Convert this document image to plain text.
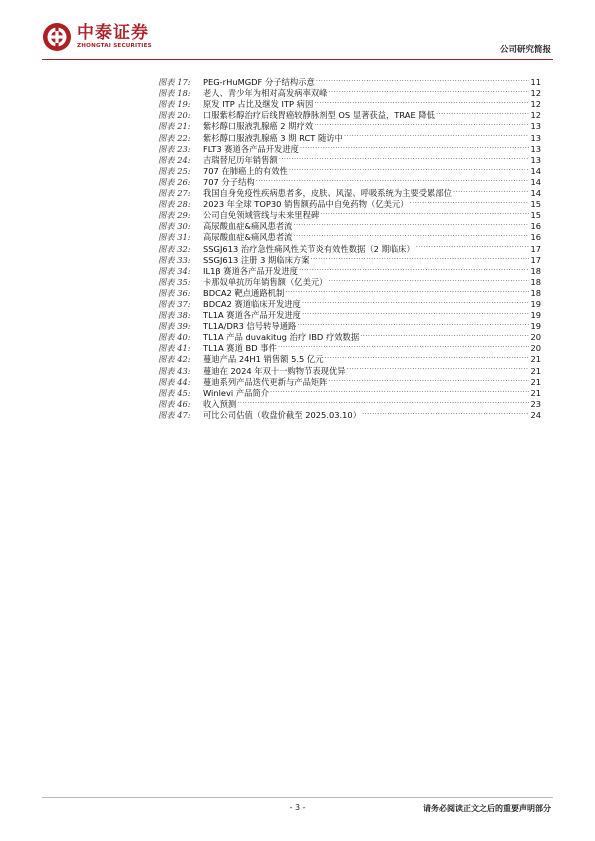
中泰证券
ZHONGTAI SECURITIES	公司研究简报
图表 17:	PEG-rHuMGDF 分子结构示意 .....	11
图表 18:	老人、青少年为相对高发病率双峰 .....	12
图表 19:	原发 ITP 占比及继发 ITP 病因 .....	12
图表 20:	口服紫杉醇治疗后线胃癌较静脉剂型 OS 显著获益，TRAE 降低 .....	12
图表 21:	紫杉醇口服液乳腺癌 2 期疗效 .....	13
图表 22:	紫杉醇口服液乳腺癌 3 期 RCT 随访中 .....	13
图表 23:	FLT3 赛道各产品开发进度 .....	13
图表 24:	吉瑞替尼历年销售额 .....	13
图表 25:	707 在肺癌上的有效性 .....	14
图表 26:	707 分子结构 .....	14
图表 27:	我国自身免疫性疾病患者多，皮肤、风湿、呼吸系统为主要受累部位 .....	14
图表 28:	2023 年全球 TOP30 销售额药品中自免药物（亿美元） .....	15
图表 29:	公司自免领域管线与未来里程碑 .....	15
图表 30:	高尿酸血症&痛风患者流 .....	16
图表 31:	高尿酸血症&痛风患者流 .....	16
图表 32:	SSGJ613 治疗急性痛风性关节炎有效性数据（2 期临床） .....	17
图表 33:	SSGJ613 注册 3 期临床方案 .....	17
图表 34:	IL1β 赛道各产品开发进度 .....	18
图表 35:	卡那奴单抗历年销售额（亿美元） .....	18
图表 36:	BDCA2 靶点通路机制 .....	18
图表 37:	BDCA2 赛道临床开发进度 .....	19
图表 38:	TL1A 赛道各产品开发进度 .....	19
图表 39:	TL1A/DR3 信号转导通路 .....	19
图表 40:	TL1A 产品 duvakitug 治疗 IBD 疗效数据 .....	20
图表 41:	TL1A 赛道 BD 事件 .....	20
图表 42:	蔓迪产品 24H1 销售额 5.5 亿元 .....	21
图表 43:	蔓迪在 2024 年双十一购物节表现优异 .....	21
图表 44:	蔓迪系列产品迭代更新与产品矩阵 .....	21
图表 45:	Winlevi 产品简介 .....	21
图表 46:	收入预测 .....	23
图表 47:	可比公司估值（收盘价截至 2025.03.10） .....	24
- 3 -	请务必阅读正文之后的重要声明部分
